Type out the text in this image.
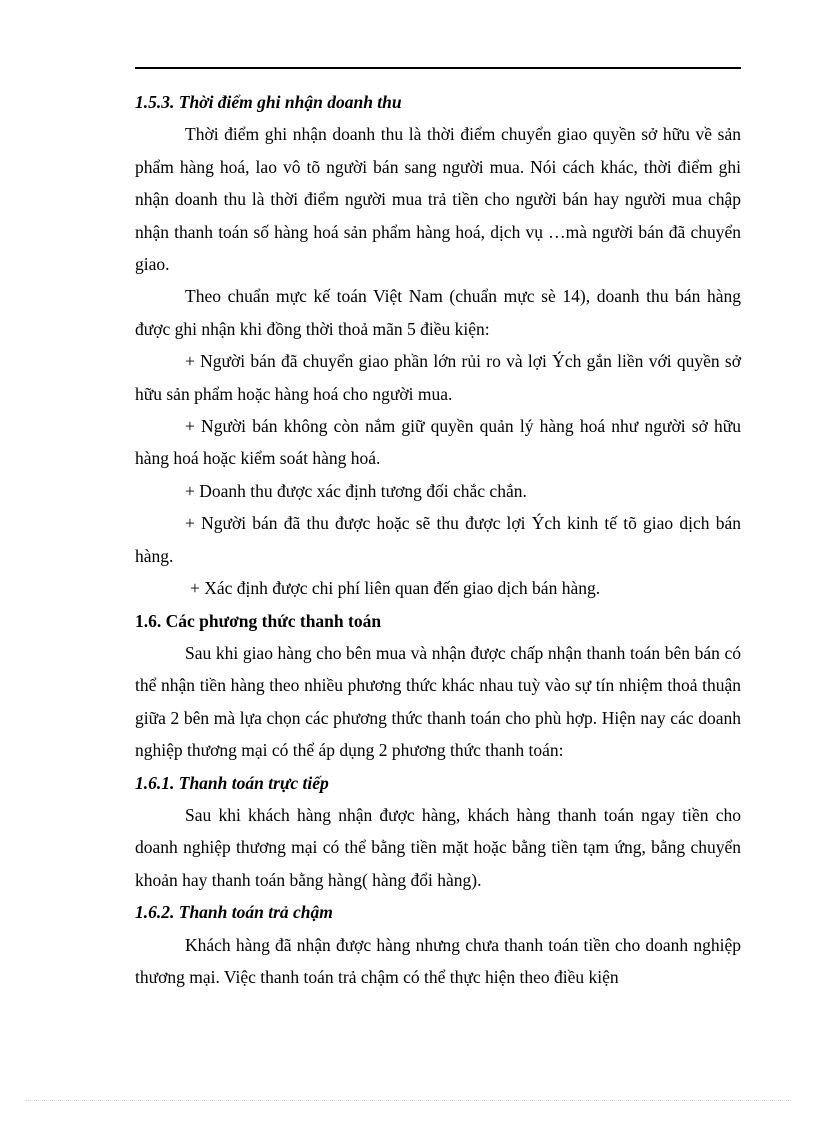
1.5.3. Thời điểm ghi nhận doanh thu
Thời điểm ghi nhận doanh thu là thời điểm chuyển giao quyền sở hữu về sản phẩm hàng hoá, lao vô tõ người bán sang người mua. Nói cách khác, thời điểm ghi nhận doanh thu là thời điểm người mua trả tiền cho người bán hay người mua chập nhận thanh toán số hàng hoá sản phẩm hàng hoá, dịch vụ …mà người bán đã chuyển giao.
Theo chuẩn mực kế toán Việt Nam (chuẩn mực sè 14), doanh thu bán hàng được ghi nhận khi đồng thời thoả mãn 5 điều kiện:
+ Người bán đã chuyển giao phần lớn rủi ro và lợi Ých gắn liền với quyền sở hữu sản phẩm hoặc hàng hoá cho người mua.
+ Người bán không còn nắm giữ quyền quản lý hàng hoá như người sở hữu hàng hoá hoặc kiểm soát hàng hoá.
+ Doanh thu được xác định tương đối chắc chắn.
+ Người bán đã thu được hoặc sẽ thu được lợi Ých kinh tế tõ giao dịch bán hàng.
+ Xác định được chi phí liên quan đến giao dịch bán hàng.
1.6. Các phương thức thanh toán
Sau khi giao hàng cho bên mua và nhận được chấp nhận thanh toán bên bán có thể nhận tiền hàng theo nhiều phương thức khác nhau tuỳ vào sự tín nhiệm thoả thuận giữa 2 bên mà lựa chọn các phương thức thanh toán cho phù hợp. Hiện nay các doanh nghiệp thương mại có thể áp dụng 2 phương thức thanh toán:
1.6.1. Thanh toán trực tiếp
Sau khi khách hàng nhận được hàng, khách hàng thanh toán ngay tiền cho doanh nghiệp thương mại có thể bằng tiền mặt hoặc bằng tiền tạm ứng, bằng chuyển khoản hay thanh toán bằng hàng( hàng đổi hàng).
1.6.2. Thanh toán trả chậm
Khách hàng đã nhận được hàng nhưng chưa thanh toán tiền cho doanh nghiệp thương mại. Việc thanh toán trả chậm có thể thực hiện theo điều kiện
